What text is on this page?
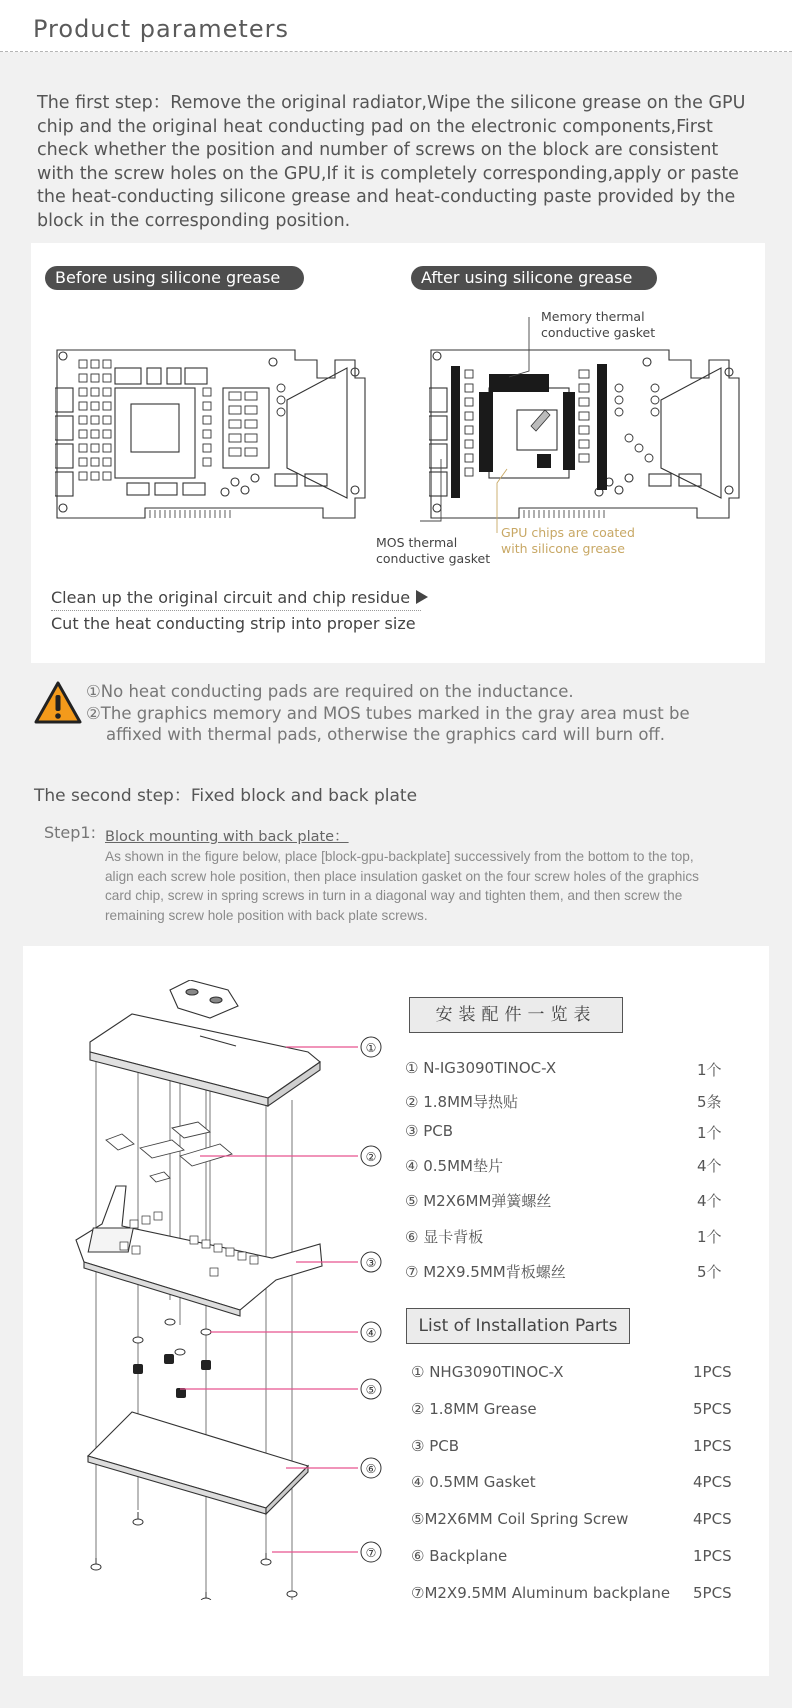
Product parameters
The first step：Remove the original radiator,Wipe the silicone grease on the GPU chip and the original heat conducting pad on the electronic components,First check whether the position and number of screws on the block are consistent with the screw holes on the GPU,If it is completely corresponding,apply or paste the heat-conducting silicone grease and heat-conducting paste provided by the block in the corresponding position.
Before using silicone grease	After using silicone grease
Memory thermal
conductive gasket
MOS thermal
conductive gasket
GPU chips are coated
with silicone grease
Clean up the original circuit and chip residue
Cut the heat conducting strip into proper size
①No heat conducting pads are required on the inductance.
②The graphics memory and MOS tubes marked in the gray area must be
affixed with thermal pads, otherwise the graphics card will burn off.
The second step：Fixed block and back plate
Step1: Block mounting with back plate：
As shown in the figure below, place [block-gpu-backplate] successively from the bottom to the top, align each screw hole position, then place insulation gasket on the four screw holes of the graphics card chip, screw in spring screws in turn in a diagonal way and tighten them, and then screw the remaining screw hole position with back plate screws.
①
②
③
④
⑤
⑥
⑦
安装配件一览表
① N-IG3090TINOC-X	1个
② 1.8MM导热贴	5条
③ PCB	1个
④ 0.5MM垫片	4个
⑤ M2X6MM弹簧螺丝	4个
⑥ 显卡背板	1个
⑦ M2X9.5MM背板螺丝	5个
List of Installation Parts
① NHG3090TINOC-X	1PCS
② 1.8MM Grease	5PCS
③ PCB	1PCS
④ 0.5MM Gasket	4PCS
⑤M2X6MM Coil Spring Screw	4PCS
⑥ Backplane	1PCS
⑦M2X9.5MM Aluminum backplane 5PCS
